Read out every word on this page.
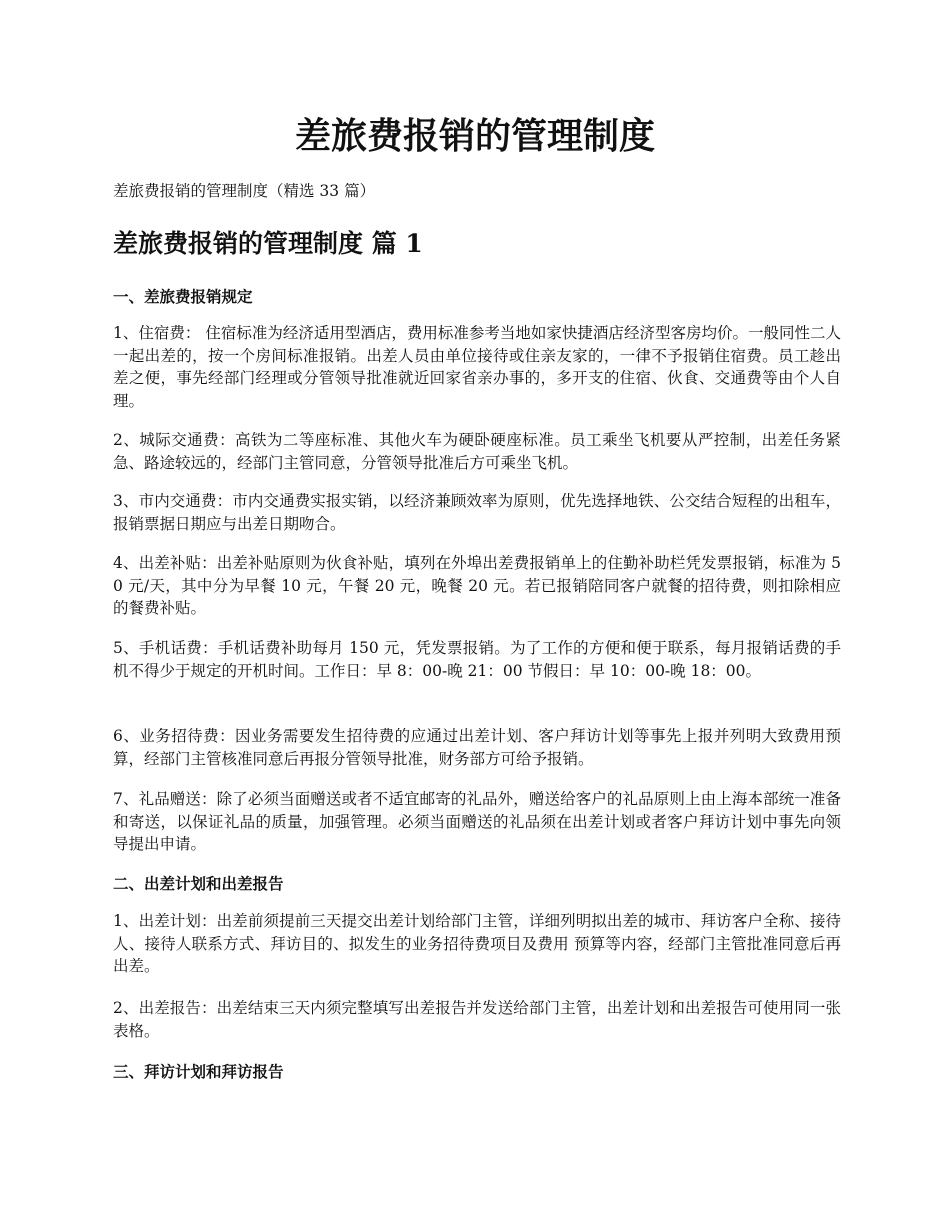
差旅费报销的管理制度

差旅费报销的管理制度（精选 33 篇）

差旅费报销的管理制度 篇 1
一、差旅费报销规定

1、住宿费： 住宿标准为经济适用型酒店，费用标准参考当地如家快捷酒店经济型客房均价。一般同性二人一起出差的，按一个房间标准报销。出差人员由单位接待或住亲友家的，一律不予报销住宿费。员工趁出差之便，事先经部门经理或分管领导批准就近回家省亲办事的，多开支的住宿、伙食、交通费等由个人自理。

2、城际交通费：高铁为二等座标准、其他火车为硬卧硬座标准。员工乘坐飞机要从严控制，出差任务紧急、路途较远的，经部门主管同意，分管领导批准后方可乘坐飞机。

3、市内交通费：市内交通费实报实销，以经济兼顾效率为原则，优先选择地铁、公交结合短程的出租车，报销票据日期应与出差日期吻合。

4、出差补贴：出差补贴原则为伙食补贴，填列在外埠出差费报销单上的住勤补助栏凭发票报销，标准为 50 元/天，其中分为早餐 10 元，午餐 20 元，晚餐 20 元。若已报销陪同客户就餐的招待费，则扣除相应的餐费补贴。

5、手机话费：手机话费补助每月 150 元，凭发票报销。为了工作的方便和便于联系，每月报销话费的手机不得少于规定的开机时间。工作日：早 8：00-晚 21：00 节假日：早 10：00-晚 18：00。

6、业务招待费：因业务需要发生招待费的应通过出差计划、客户拜访计划等事先上报并列明大致费用预算，经部门主管核准同意后再报分管领导批准，财务部方可给予报销。

7、礼品赠送：除了必须当面赠送或者不适宜邮寄的礼品外，赠送给客户的礼品原则上由上海本部统一准备和寄送，以保证礼品的质量，加强管理。必须当面赠送的礼品须在出差计划或者客户拜访计划中事先向领导提出申请。

二、出差计划和出差报告

1、出差计划：出差前须提前三天提交出差计划给部门主管，详细列明拟出差的城市、拜访客户全称、接待人、接待人联系方式、拜访目的、拟发生的业务招待费项目及费用 预算等内容，经部门主管批准同意后再出差。

2、出差报告：出差结束三天内须完整填写出差报告并发送给部门主管，出差计划和出差报告可使用同一张表格。

三、拜访计划和拜访报告
